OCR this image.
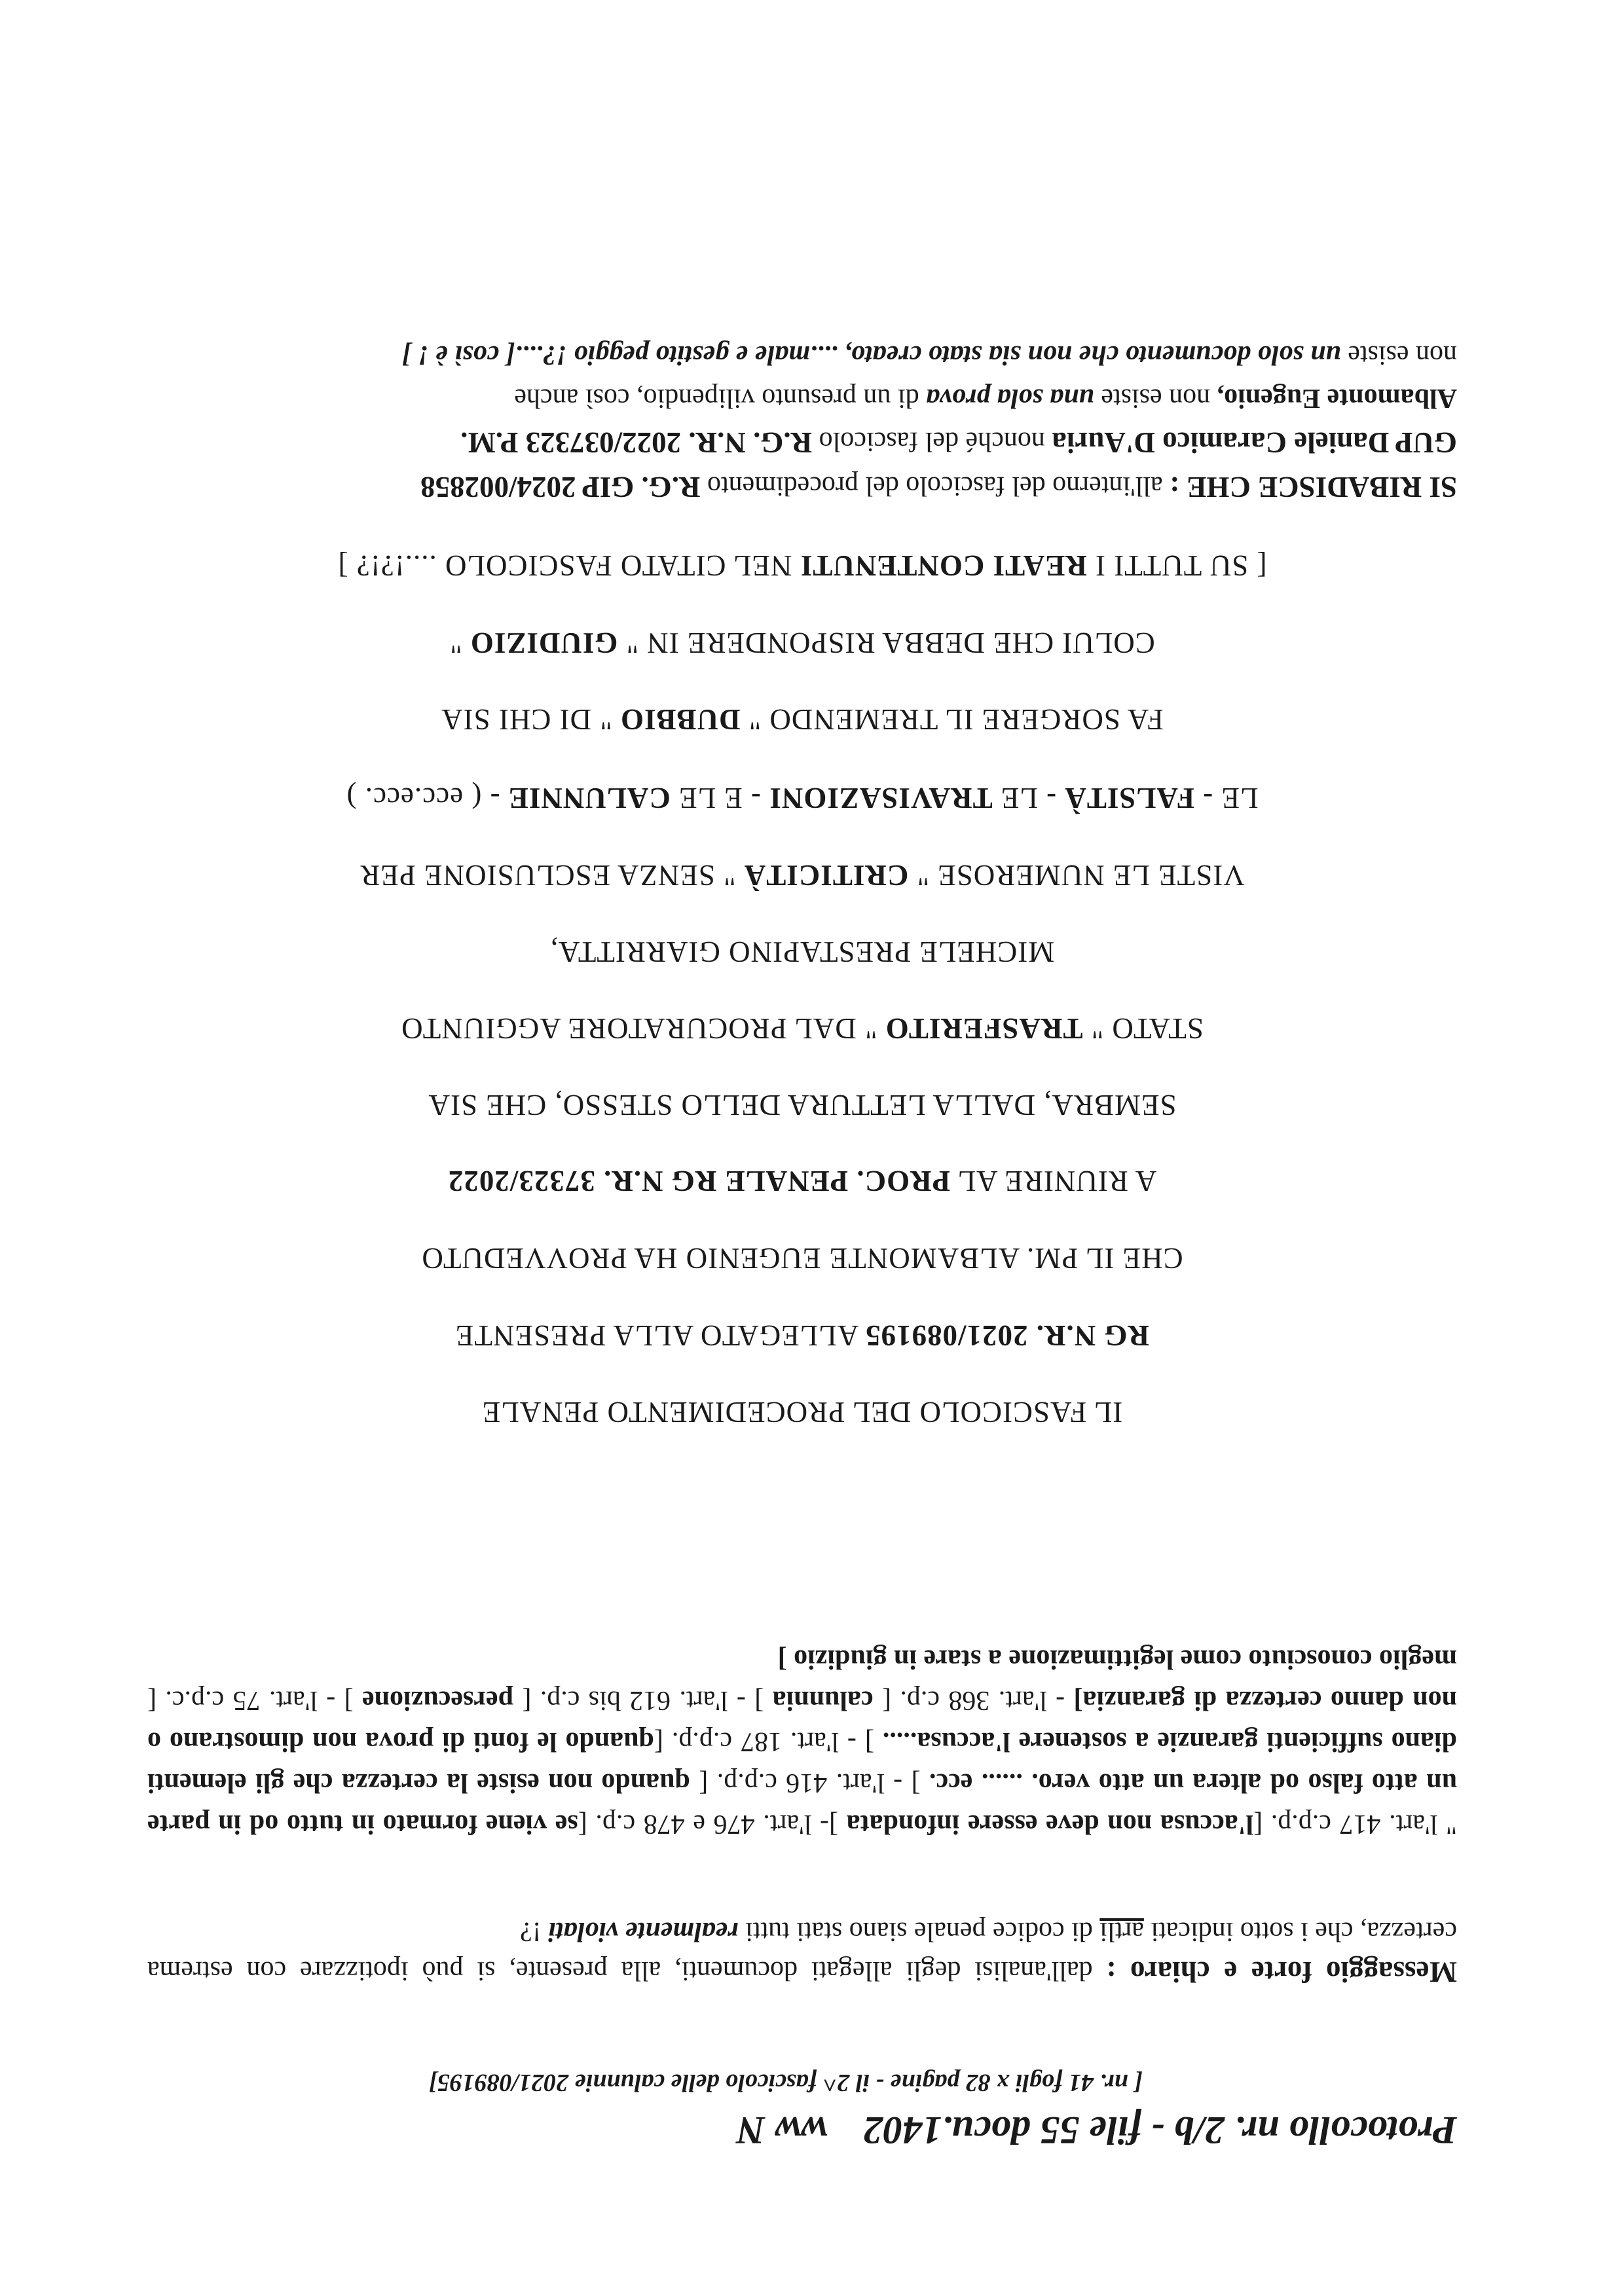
Protocollo nr. 2/b - file 55 docu.1402 ww N

[ nr. 41 fogli x 82 pagine - il 2^ fascicolo delle calunnie 2021/089195]

Messaggio forte e chiaro : dall'analisi degli allegati documenti, alla presente, si può ipotizzare con estrema certezza, che i sotto indicati artli di codice penale siano stati tutti realmente violati !?

" l'art. 417 c.p.p. [l'accusa non deve essere infondata ]- l'art. 476 e 478 c.p. [se viene formato in tutto od in parte un atto falso od altera un atto vero. ...... ecc. ] - l'art. 416 c.p.p. [ quando non esiste la certezza che gli elementi diano sufficienti garanzie a sostenere l'accusa..... ] - l'art. 187 c.p.p. [quando le fonti di prova non dimostrano o non danno certezza di garanzia] - l'art. 368 c.p. [ calunnia ] - l'art. 612 bis c.p. [ persecuzione ] - l'art. 75 c.p.c. [ meglio conosciuto come legittimazione a stare in giudizio ]

IL FASCICOLO DEL PROCEDIMENTO PENALE

RG N.R. 2021/089195 ALLEGATO ALLA PRESENTE

CHE IL PM. ALBAMONTE EUGENIO HA PROVVEDUTO

A RIUNIRE AL PROC. PENALE RG N.R. 37323/2022

SEMBRA, DALLA LETTURA DELLO STESSO, CHE SIA

STATO " TRASFERITO " DAL PROCURATORE AGGIUNTO

MICHELE PRESTAPINO GIARRITTA,

VISTE LE NUMEROSE " CRITICITÀ " SENZA ESCLUSIONE PER

LE - FALSITÀ - LE TRAVISAZIONI - E LE CALUNNIE - ( ecc.ecc. )

FA SORGERE IL TREMENDO " DUBBIO " DI CHI SIA

COLUI CHE DEBBA RISPONDERE IN " GIUDIZIO "

[ SU TUTTI I REATI CONTENUTI NEL CITATO FASCICOLO ....!?!? ]

SI RIBADISCE CHE : all'interno del fascicolo del procedimento R.G. GIP 2024/002858

GUP Daniele Caramico D'Auria nonché del fascicolo R.G. N.R. 2022/037323 P.M.

Albamonte Eugenio, non esiste una sola prova di un presunto vilipendio, così anche

non esiste un solo documento che non sia stato creato, ....male e gestito peggio !?....[ così è ! ]
